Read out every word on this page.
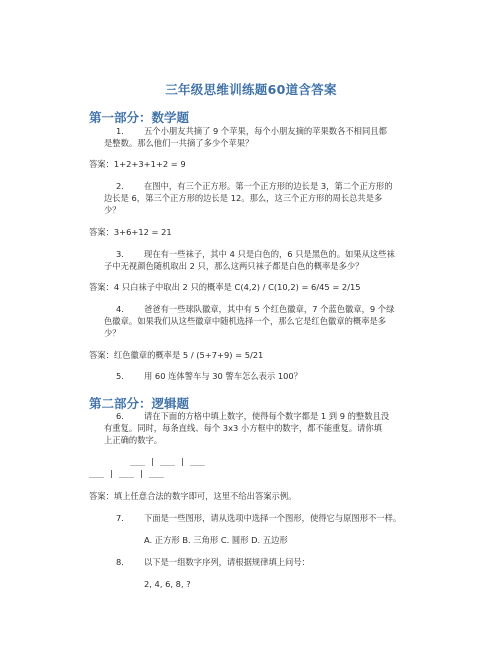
三年级思维训练题60道含答案
第一部分：数学题
1. 五个小朋友共摘了 9 个苹果，每个小朋友摘的苹果数各不相同且都
是整数。那么他们一共摘了多少个苹果？
答案：1+2+3+1+2 = 9
2. 在图中，有三个正方形。第一个正方形的边长是 3，第二个正方形的
边长是 6，第三个正方形的边长是 12。那么，这三个正方形的周长总共是多
少？
答案：3+6+12 = 21
3. 现在有一些袜子，其中 4 只是白色的，6 只是黑色的。如果从这些袜
子中无视颜色随机取出 2 只，那么这两只袜子都是白色的概率是多少？
答案：4 只白袜子中取出 2 只的概率是 C(4,2) / C(10,2) = 6/45 = 2/15
4. 爸爸有一些球队徽章，其中有 5 个红色徽章，7 个蓝色徽章，9 个绿
色徽章。如果我们从这些徽章中随机选择一个，那么它是红色徽章的概率是多
少？
答案：红色徽章的概率是 5 / (5+7+9) = 5/21
5. 用 60 连体警车与 30 警车怎么表示 100？
第二部分：逻辑题
6. 请在下面的方格中填上数字，使得每个数字都是 1 到 9 的整数且没
有重复。同时，每条直线、每个 3x3 小方框中的数字，都不能重复。请你填
上正确的数字。
___ | ___ | ___
___ | ___ | ___
答案：填上任意合法的数字即可，这里不给出答案示例。
7. 下面是一些图形，请从选项中选择一个图形，使得它与原图形不一样。
A. 正方形 B. 三角形 C. 圆形 D. 五边形
8. 以下是一组数字序列，请根据规律填上问号：
2, 4, 6, 8, ?
